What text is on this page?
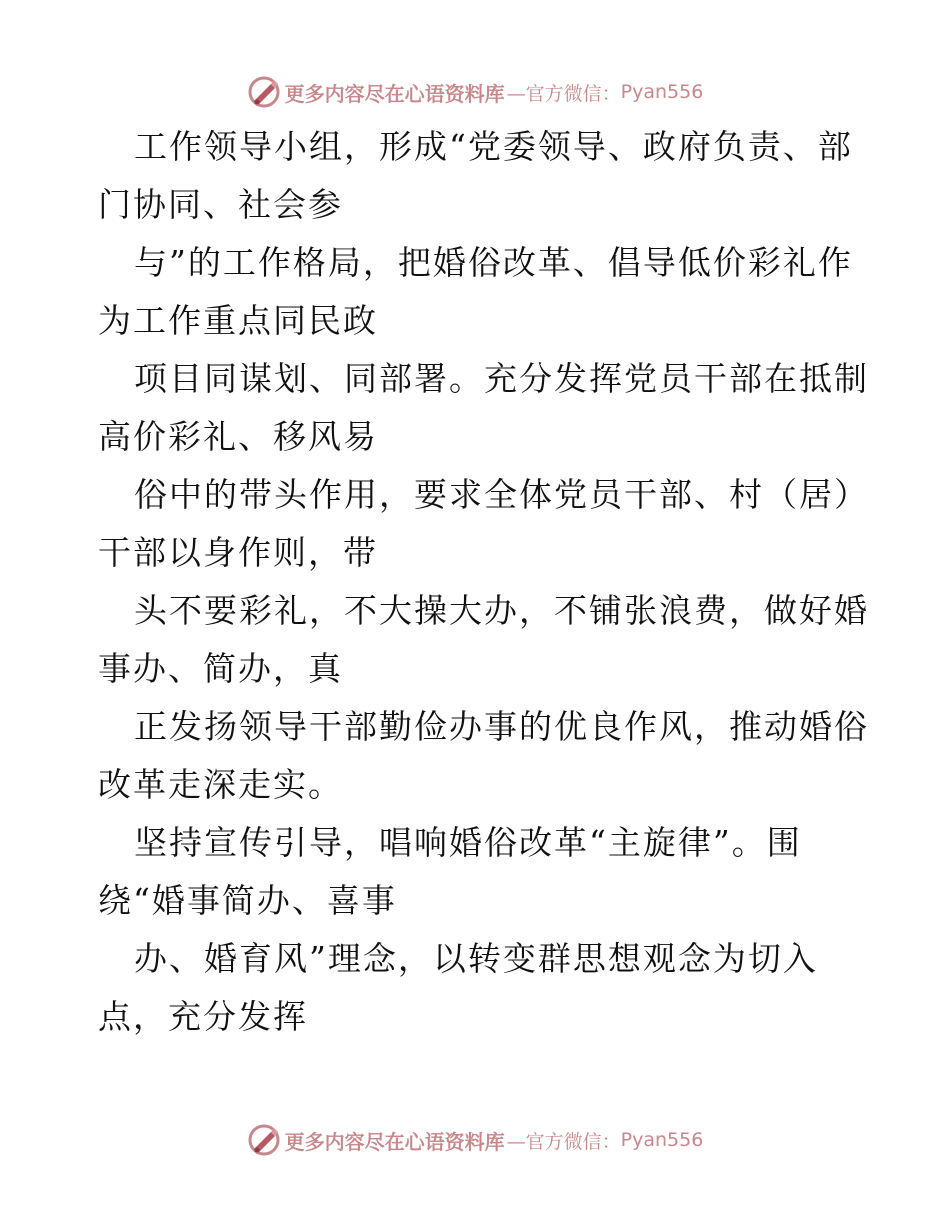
更多内容尽在心语资料库 —官方微信： Pyan556
工作领导小组，形成“党委领导、政府负责、部
门协同、社会参
与”的工作格局，把婚俗改革、倡导低价彩礼作
为工作重点同民政
项目同谋划、同部署。充分发挥党员干部在抵制
高价彩礼、移风易
俗中的带头作用，要求全体党员干部、村（居）
干部以身作则，带
头不要彩礼，不大操大办，不铺张浪费，做好婚
事办、简办，真
正发扬领导干部勤俭办事的优良作风，推动婚俗
改革走深走实。
坚持宣传引导，唱响婚俗改革“主旋律”。围
绕“婚事简办、喜事
办、婚育风”理念，以转变群思想观念为切入
点，充分发挥
更多内容尽在心语资料库 —官方微信： Pyan556
